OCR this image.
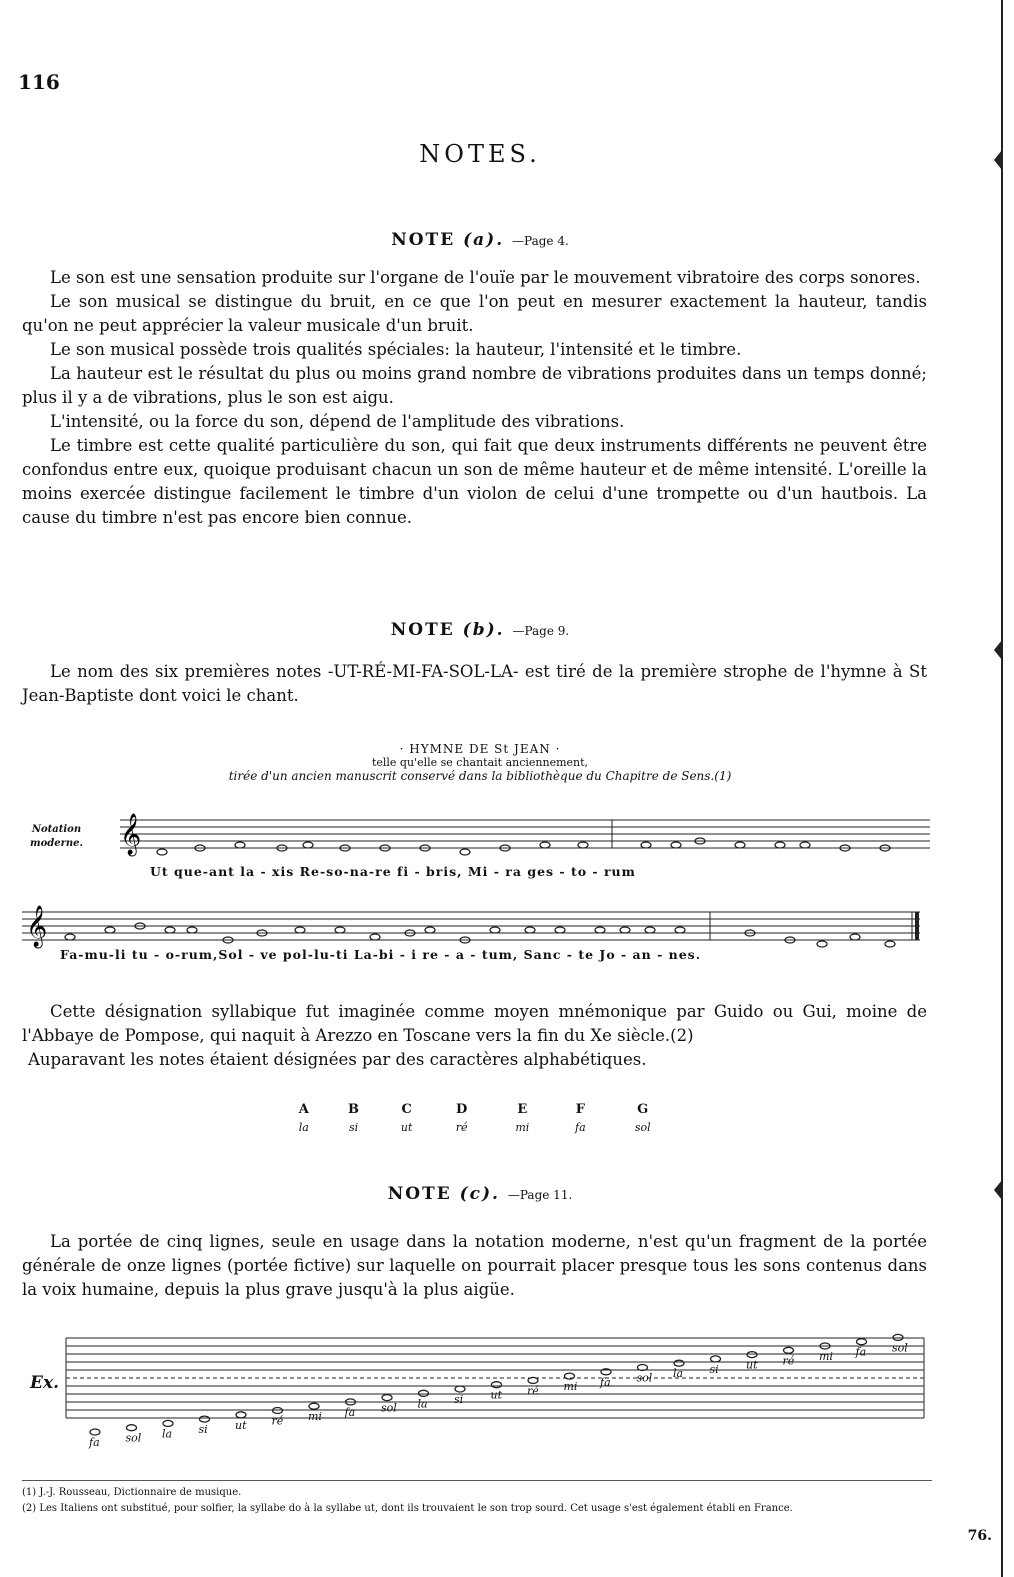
116
NOTES.
NOTE (a). —Page 4.

Le son est une sensation produite sur l'organe de l'ouïe par le mouvement vibratoire des corps sonores.

Le son musical se distingue du bruit, en ce que l'on peut en mesurer exactement la hauteur, tandis qu'on ne peut apprécier la valeur musicale d'un bruit.

Le son musical possède trois qualités spéciales: la hauteur, l'intensité et le timbre.

La hauteur est le résultat du plus ou moins grand nombre de vibrations produites dans un temps donné; plus il y a de vibrations, plus le son est aigu.

L'intensité, ou la force du son, dépend de l'amplitude des vibrations.

Le timbre est cette qualité particulière du son, qui fait que deux instruments différents ne peuvent être confondus entre eux, quoique produisant chacun un son de même hauteur et de même intensité. L'oreille la moins exercée distingue facilement le timbre d'un violon de celui d'une trompette ou d'un hautbois. La cause du timbre n'est pas encore bien connue.

NOTE (b). —Page 9.

Le nom des six premières notes -UT-RÉ-MI-FA-SOL-LA- est tiré de la première strophe de l'hymne à St Jean-Baptiste dont voici le chant.

· HYMNE DE St JEAN ·
telle qu'elle se chantait anciennement,
tirée d'un ancien manuscrit conservé dans la bibliothèque du Chapitre de Sens.(1)
Notation
moderne. 𝄞
𝄞
Ut que-ant la - xis Re-so-na-re fi - bris, Mi - ra ges - to - rum
Fa-mu-li tu - o-rum,Sol - ve pol-lu-ti La-bi - i re - a - tum, Sanc - te Jo - an - nes.

Cette désignation syllabique fut imaginée comme moyen mnémonique par Guido ou Gui, moine de l'Abbaye de Pompose, qui naquit à Arezzo en Toscane vers la fin du Xe siècle.(2)

Auparavant les notes étaient désignées par des caractères alphabétiques.

A	B	C	D	E	F	G
la	si	ut	ré	mi	fa	sol
NOTE (c). —Page 11.

La portée de cinq lignes, seule en usage dans la notation moderne, n'est qu'un fragment de la portée générale de onze lignes (portée fictive) sur laquelle on pourrait placer presque tous les sons contenus dans la voix humaine, depuis la plus grave jusqu'à la plus aigüe.

Ex.
fa sol la si ut ré mi fa sol la si ut ré mi fa sol la si ut ré mi fa sol
(1) J.-J. Rousseau, Dictionnaire de musique.
(2) Les Italiens ont substitué, pour solfier, la syllabe do à la syllabe ut, dont ils trouvaient le son trop sourd. Cet usage s'est également établi en France.
76.
